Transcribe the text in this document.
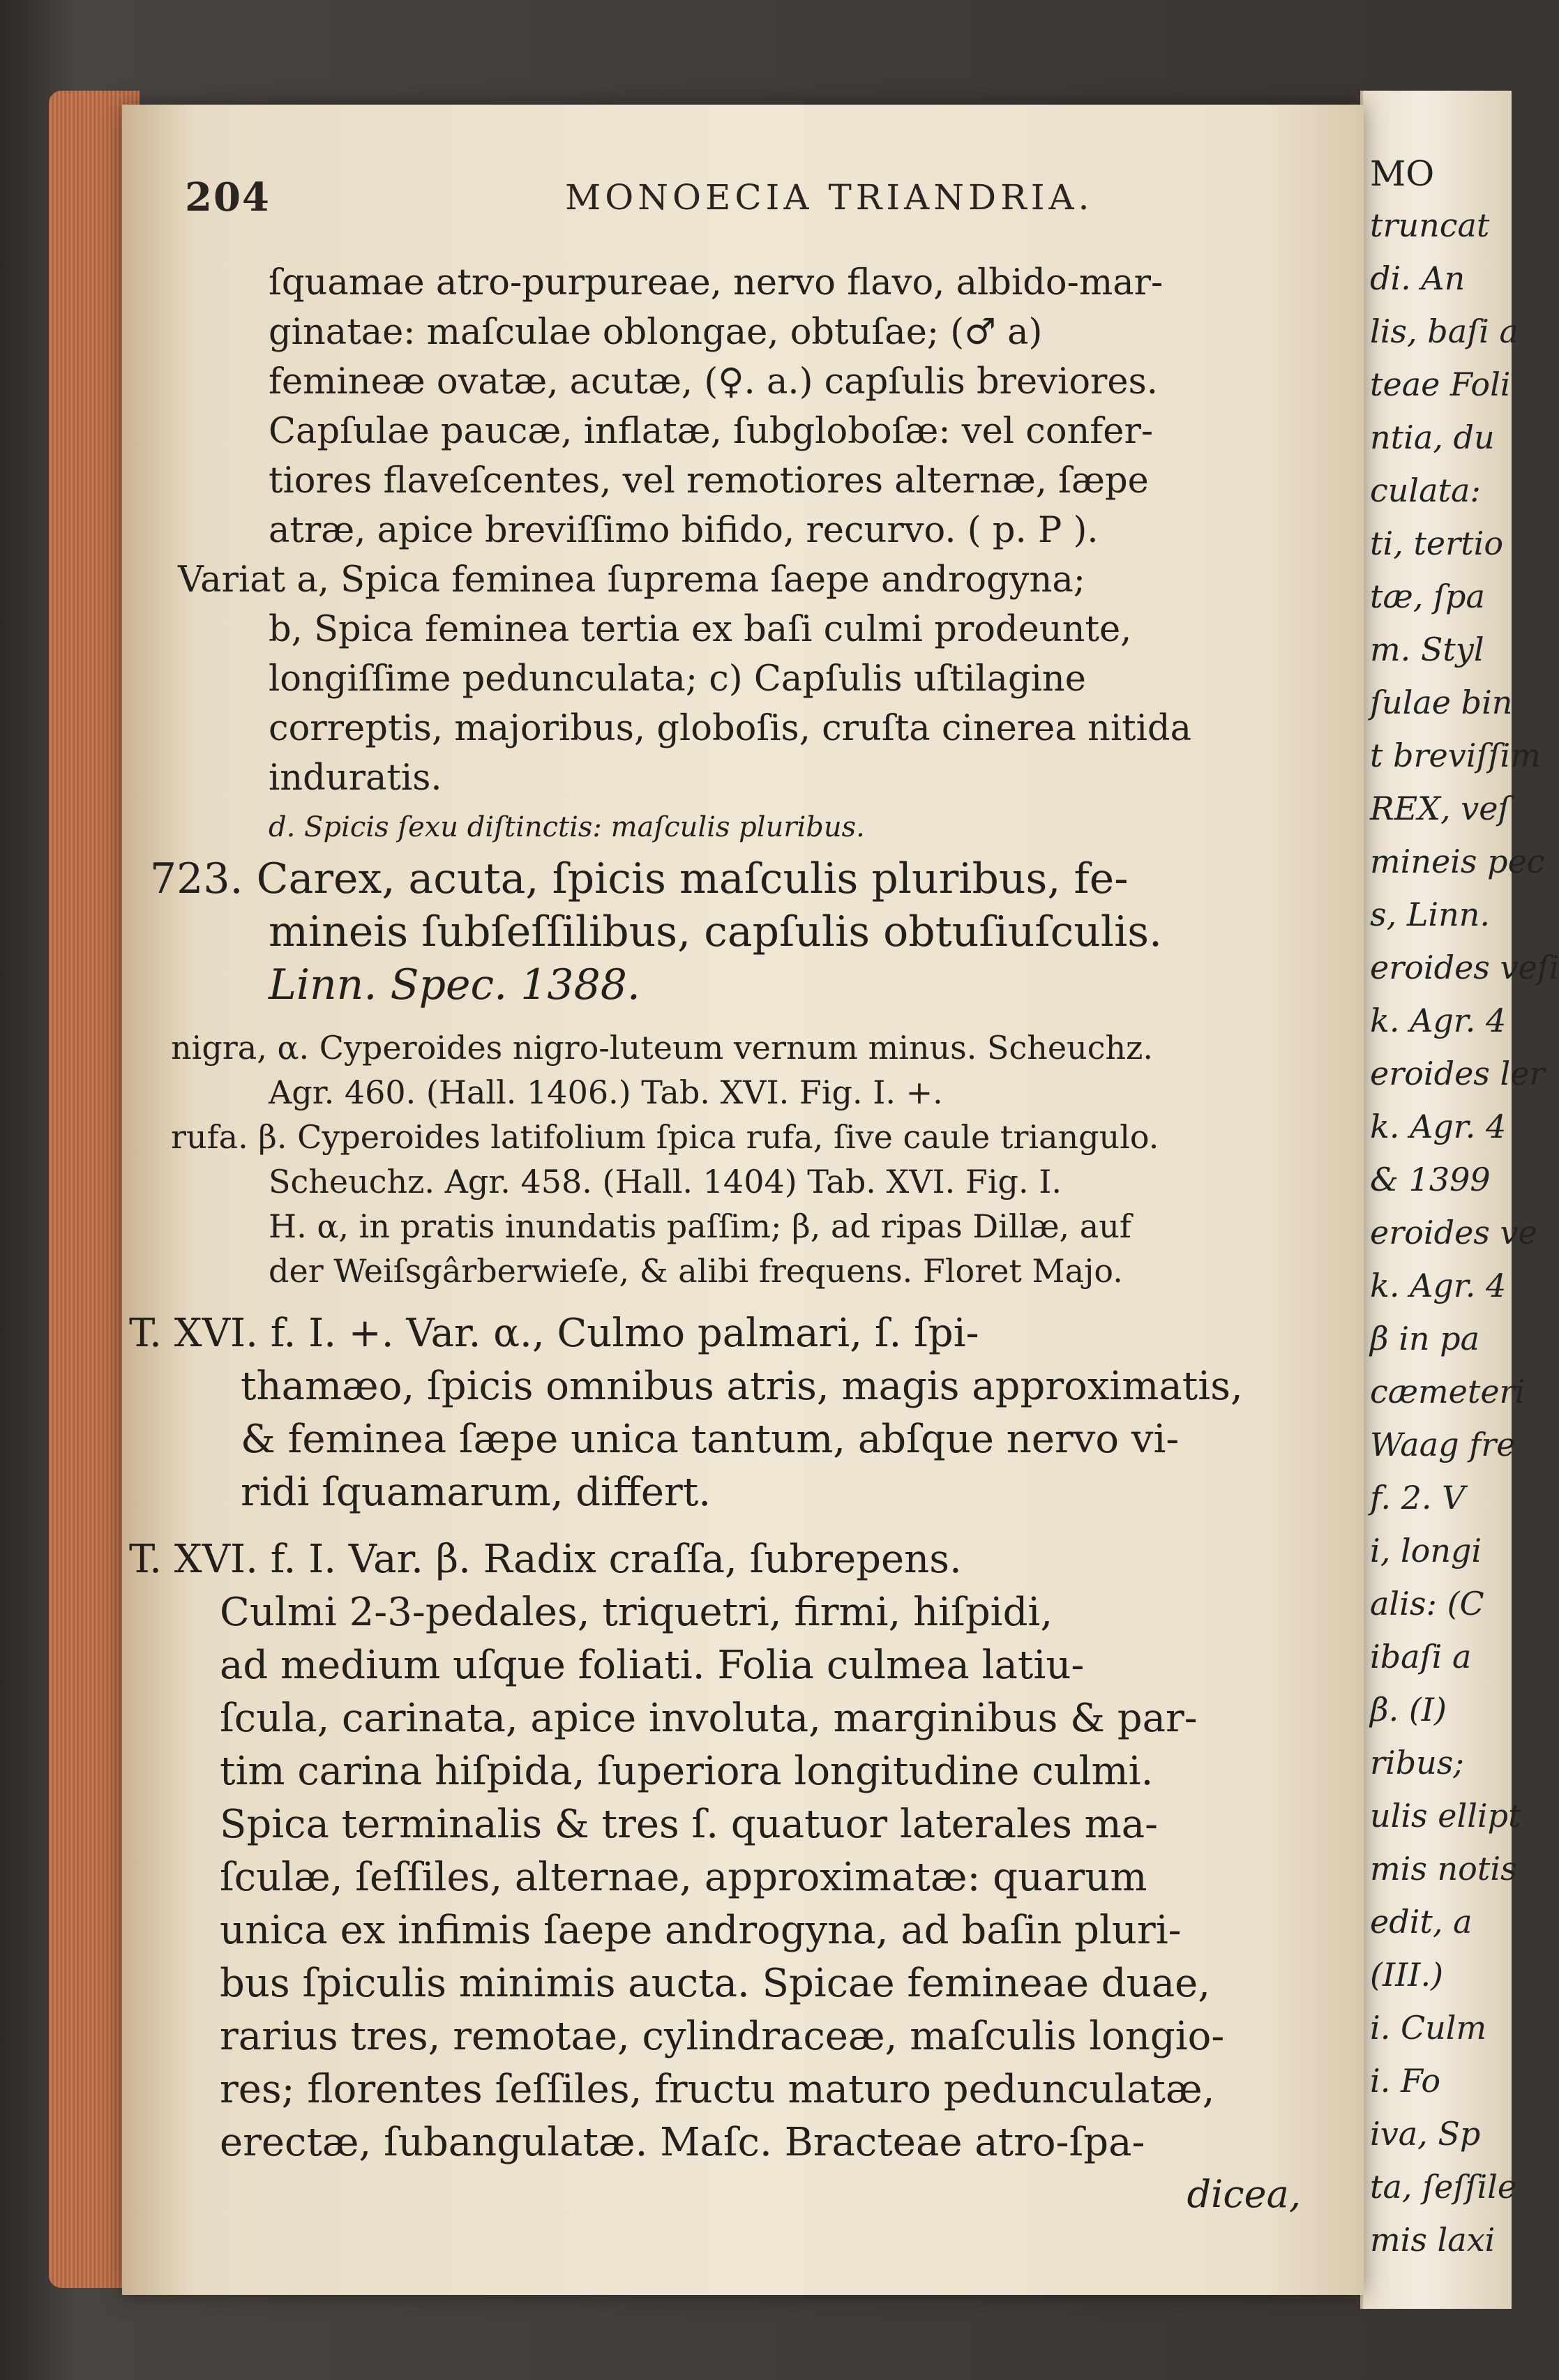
MO
truncat
di. An
lis, baſi a
teae Foli
ntia, du
culata:
ti, tertio
tæ, ſpa
m. Styl
ſulae bin
t breviſſim
REX, veſ
mineis pec
s, Linn.
eroides veſi
k. Agr. 4
eroides ler
k. Agr. 4
& 1399
eroides ve
k. Agr. 4
β in pa
cæmeteri
Waag fre
f. 2. V
i, longi
alis: (C
ibaſi a
β. (I)
ribus;
ulis ellipt
mis notis
edit, a
(III.)
i. Culm
i. Fo
iva, Sp
ta, ſeſſile
mis laxi
204	MONOECIA TRIANDRIA.

ſquamae atro-purpureae, nervo flavo, albido-mar-

ginatae: maſculae oblongae, obtuſae; (♂ a)

femineæ ovatæ, acutæ, (♀. a.) capſulis breviores.

Capſulae paucæ, inflatæ, ſubgloboſæ: vel confer-

tiores flaveſcentes, vel remotiores alternæ, ſæpe

atræ, apice breviſſimo bifido, recurvo. ( p. P ).

Variat a, Spica feminea ſuprema ſaepe androgyna;

b, Spica feminea tertia ex baſi culmi prodeunte,

longiſſime pedunculata; c) Capſulis uſtilagine

correptis, majoribus, globoſis, cruſta cinerea nitida

induratis.

d. Spicis ſexu diſtinctis: maſculis pluribus.

723. Carex, acuta, ſpicis maſculis pluribus, fe-

mineis ſubſeſſilibus, capſulis obtuſiuſculis.

Linn. Spec. 1388.

nigra, α. Cyperoides nigro-luteum vernum minus. Scheuchz.

Agr. 460. (Hall. 1406.) Tab. XVI. Fig. I. +.

rufa. β. Cyperoides latifolium ſpica rufa, ſive caule triangulo.

Scheuchz. Agr. 458. (Hall. 1404) Tab. XVI. Fig. I.

H. α, in pratis inundatis paſſim; β, ad ripas Dillæ, auf

der Weiſsgârberwieſe, & alibi frequens. Floret Majo.

T. XVI. f. I. +. Var. α., Culmo palmari, ſ. ſpi-

thamæo, ſpicis omnibus atris, magis approximatis,

& feminea ſæpe unica tantum, abſque nervo vi-

ridi ſquamarum, differt.

T. XVI. f. I. Var. β. Radix craſſa, ſubrepens.

Culmi 2-3-pedales, triquetri, firmi, hiſpidi,

ad medium uſque foliati. Folia culmea latiu-

ſcula, carinata, apice involuta, marginibus & par-

tim carina hiſpida, ſuperiora longitudine culmi.

Spica terminalis & tres ſ. quatuor laterales ma-

ſculæ, ſeſſiles, alternae, approximatæ: quarum

unica ex infimis ſaepe androgyna, ad baſin pluri-

bus ſpiculis minimis aucta. Spicae femineae duae,

rarius tres, remotae, cylindraceæ, maſculis longio-

res; florentes ſeſſiles, fructu maturo pedunculatæ,

erectæ, ſubangulatæ. Maſc. Bracteae atro-ſpa-

dicea,
